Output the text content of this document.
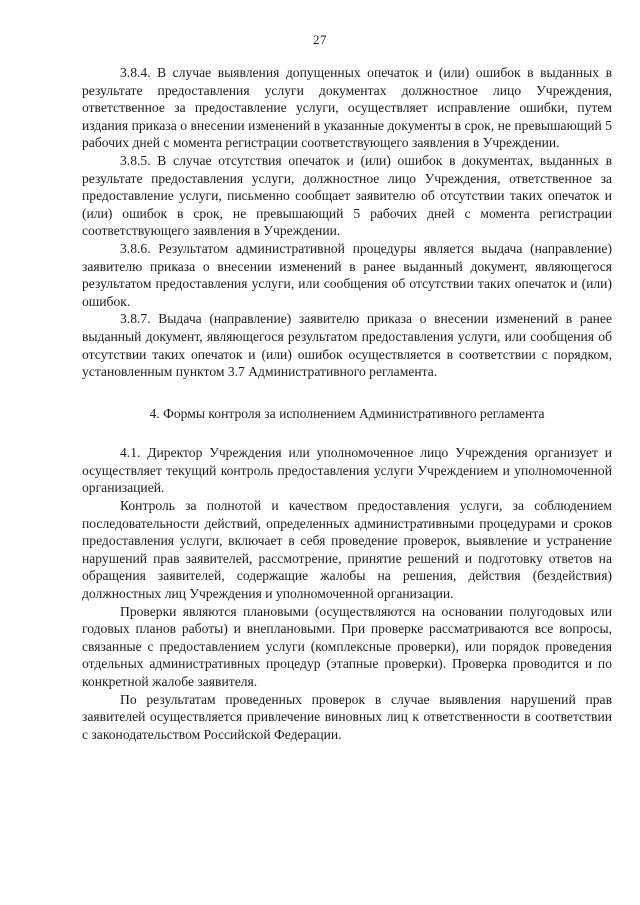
27

3.8.4. В случае выявления допущенных опечаток и (или) ошибок в выданных в результате предоставления услуги документах должностное лицо Учреждения, ответственное за предоставление услуги, осуществляет исправление ошибки, путем издания приказа о внесении изменений в указанные документы в срок, не превышающий 5 рабочих дней с момента регистрации соответствующего заявления в Учреждении.

3.8.5. В случае отсутствия опечаток и (или) ошибок в документах, выданных в результате предоставления услуги, должностное лицо Учреждения, ответственное за предоставление услуги, письменно сообщает заявителю об отсутствии таких опечаток и (или) ошибок в срок, не превышающий 5 рабочих дней с момента регистрации соответствующего заявления в Учреждении.

3.8.6. Результатом административной процедуры является выдача (направление) заявителю приказа о внесении изменений в ранее выданный документ, являющегося результатом предоставления услуги, или сообщения об отсутствии таких опечаток и (или) ошибок.

3.8.7. Выдача (направление) заявителю приказа о внесении изменений в ранее выданный документ, являющегося результатом предоставления услуги, или сообщения об отсутствии таких опечаток и (или) ошибок осуществляется в соответствии с порядком, установленным пунктом 3.7 Административного регламента.

4. Формы контроля за исполнением Административного регламента

4.1. Директор Учреждения или уполномоченное лицо Учреждения организует и осуществляет текущий контроль предоставления услуги Учреждением и уполномоченной организацией.

Контроль за полнотой и качеством предоставления услуги, за соблюдением последовательности действий, определенных административными процедурами и сроков предоставления услуги, включает в себя проведение проверок, выявление и устранение нарушений прав заявителей, рассмотрение, принятие решений и подготовку ответов на обращения заявителей, содержащие жалобы на решения, действия (бездействия) должностных лиц Учреждения и уполномоченной организации.

Проверки являются плановыми (осуществляются на основании полугодовых или годовых планов работы) и внеплановыми. При проверке рассматриваются все вопросы, связанные с предоставлением услуги (комплексные проверки), или порядок проведения отдельных административных процедур (этапные проверки). Проверка проводится и по конкретной жалобе заявителя.

По результатам проведенных проверок в случае выявления нарушений прав заявителей осуществляется привлечение виновных лиц к ответственности в соответствии с законодательством Российской Федерации.
